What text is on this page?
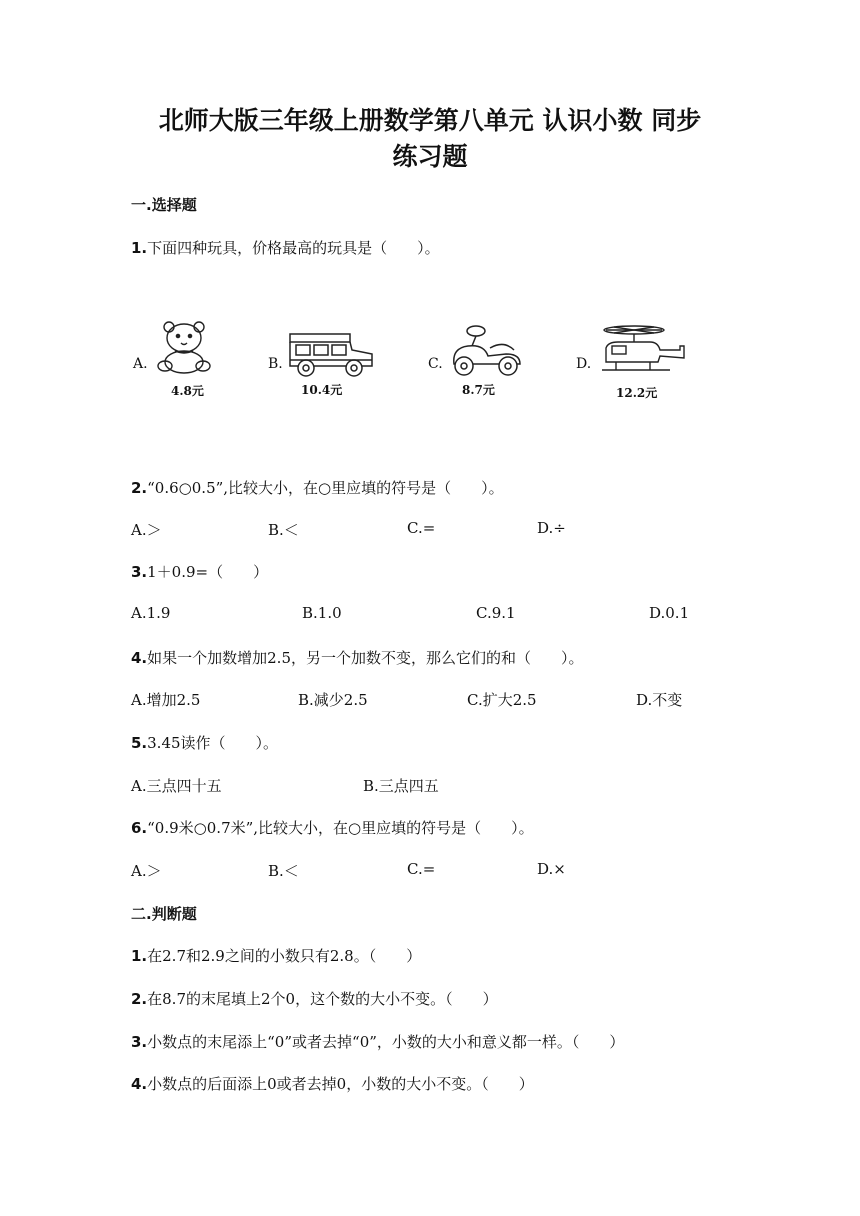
北师大版三年级上册数学第八单元 认识小数 同步
练习题
一.选择题
1.下面四种玩具，价格最高的玩具是（　　）。
A.
4.8元
B.
10.4元
C.
8.7元
D.
12.2元
2.“0.6○0.5”,比较大小，在○里应填的符号是（　　）。
A.＞	B.＜	C.=	D.÷
3.1＋0.9=（　　）
A.1.9	B.1.0	C.9.1	D.0.1
4.如果一个加数增加2.5，另一个加数不变，那么它们的和（　　）。
A.增加2.5	B.减少2.5	C.扩大2.5	D.不变
5.3.45读作（　　）。
A.三点四十五	B.三点四五
6.“0.9米○0.7米”,比较大小，在○里应填的符号是（　　）。
A.＞	B.＜	C.=	D.×
二.判断题
1.在2.7和2.9之间的小数只有2.8。（　　）
2.在8.7的末尾填上2个0，这个数的大小不变。（　　）
3.小数点的末尾添上“0”或者去掉“0”，小数的大小和意义都一样。（　　）
4.小数点的后面添上0或者去掉0，小数的大小不变。（　　）
